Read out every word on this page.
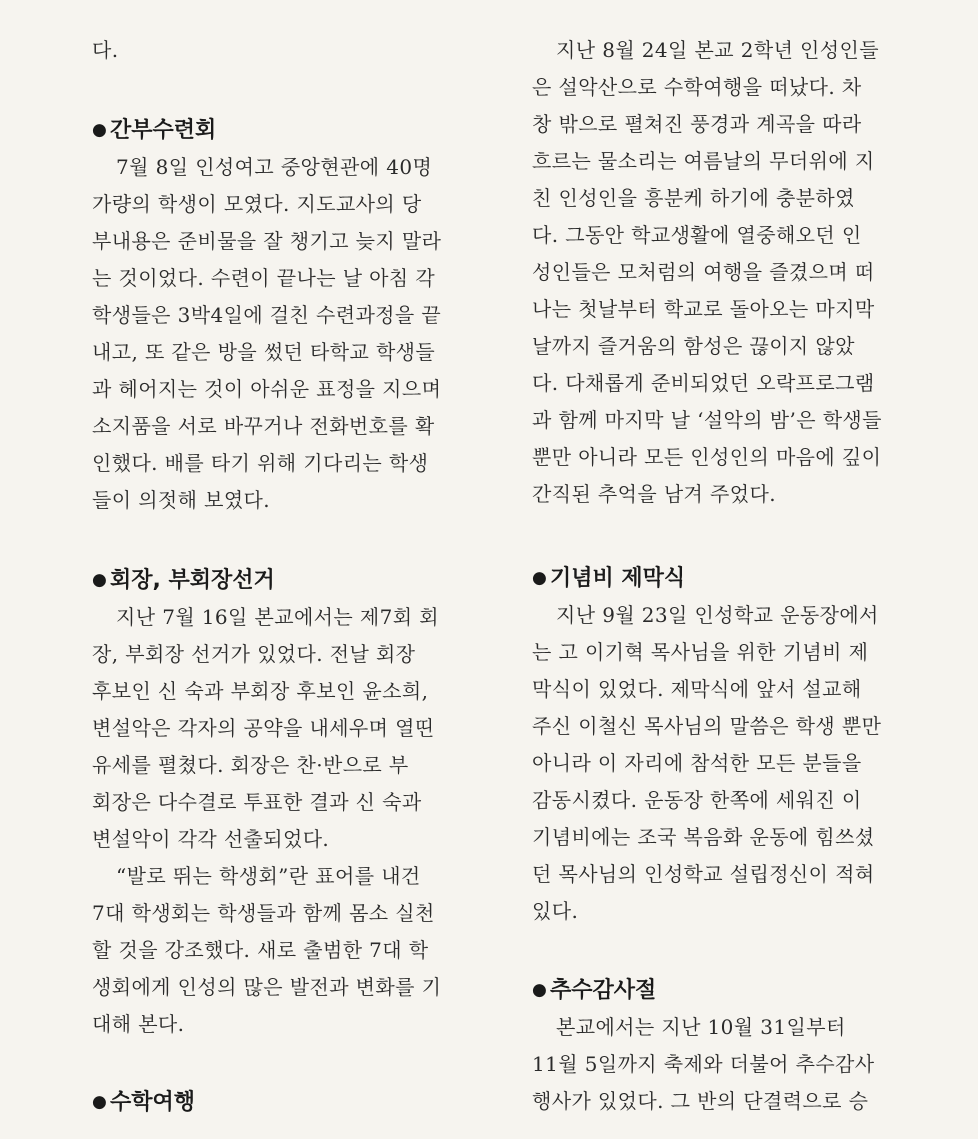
다.
● 간부수련회
7월 8일 인성여고 중앙현관에 40명
가량의 학생이 모였다. 지도교사의 당
부내용은 준비물을 잘 챙기고 늦지 말라
는 것이었다. 수련이 끝나는 날 아침 각
학생들은 3박4일에 걸친 수련과정을 끝
내고, 또 같은 방을 썼던 타학교 학생들
과 헤어지는 것이 아쉬운 표정을 지으며
소지품을 서로 바꾸거나 전화번호를 확
인했다. 배를 타기 위해 기다리는 학생
들이 의젓해 보였다.
● 회장, 부회장선거
지난 7월 16일 본교에서는 제7회 회
장, 부회장 선거가 있었다. 전날 회장
후보인 신 숙과 부회장 후보인 윤소희,
변설악은 각자의 공약을 내세우며 열띤
유세를 펼쳤다. 회장은 찬·반으로 부
회장은 다수결로 투표한 결과 신 숙과
변설악이 각각 선출되었다.
“발로 뛰는 학생회”란 표어를 내건
7대 학생회는 학생들과 함께 몸소 실천
할 것을 강조했다. 새로 출범한 7대 학
생회에게 인성의 많은 발전과 변화를 기
대해 본다.
● 수학여행
지난 8월 24일 본교 2학년 인성인들
은 설악산으로 수학여행을 떠났다. 차
창 밖으로 펼쳐진 풍경과 계곡을 따라
흐르는 물소리는 여름날의 무더위에 지
친 인성인을 흥분케 하기에 충분하였
다. 그동안 학교생활에 열중해오던 인
성인들은 모처럼의 여행을 즐겼으며 떠
나는 첫날부터 학교로 돌아오는 마지막
날까지 즐거움의 함성은 끊이지 않았
다. 다채롭게 준비되었던 오락프로그램
과 함께 마지막 날 ‘설악의 밤’은 학생들
뿐만 아니라 모든 인성인의 마음에 깊이
간직된 추억을 남겨 주었다.
● 기념비 제막식
지난 9월 23일 인성학교 운동장에서
는 고 이기혁 목사님을 위한 기념비 제
막식이 있었다. 제막식에 앞서 설교해
주신 이철신 목사님의 말씀은 학생 뿐만
아니라 이 자리에 참석한 모든 분들을
감동시켰다. 운동장 한쪽에 세워진 이
기념비에는 조국 복음화 운동에 힘쓰셨
던 목사님의 인성학교 설립정신이 적혀
있다.
● 추수감사절
본교에서는 지난 10월 31일부터
11월 5일까지 축제와 더불어 추수감사
행사가 있었다. 그 반의 단결력으로 승
